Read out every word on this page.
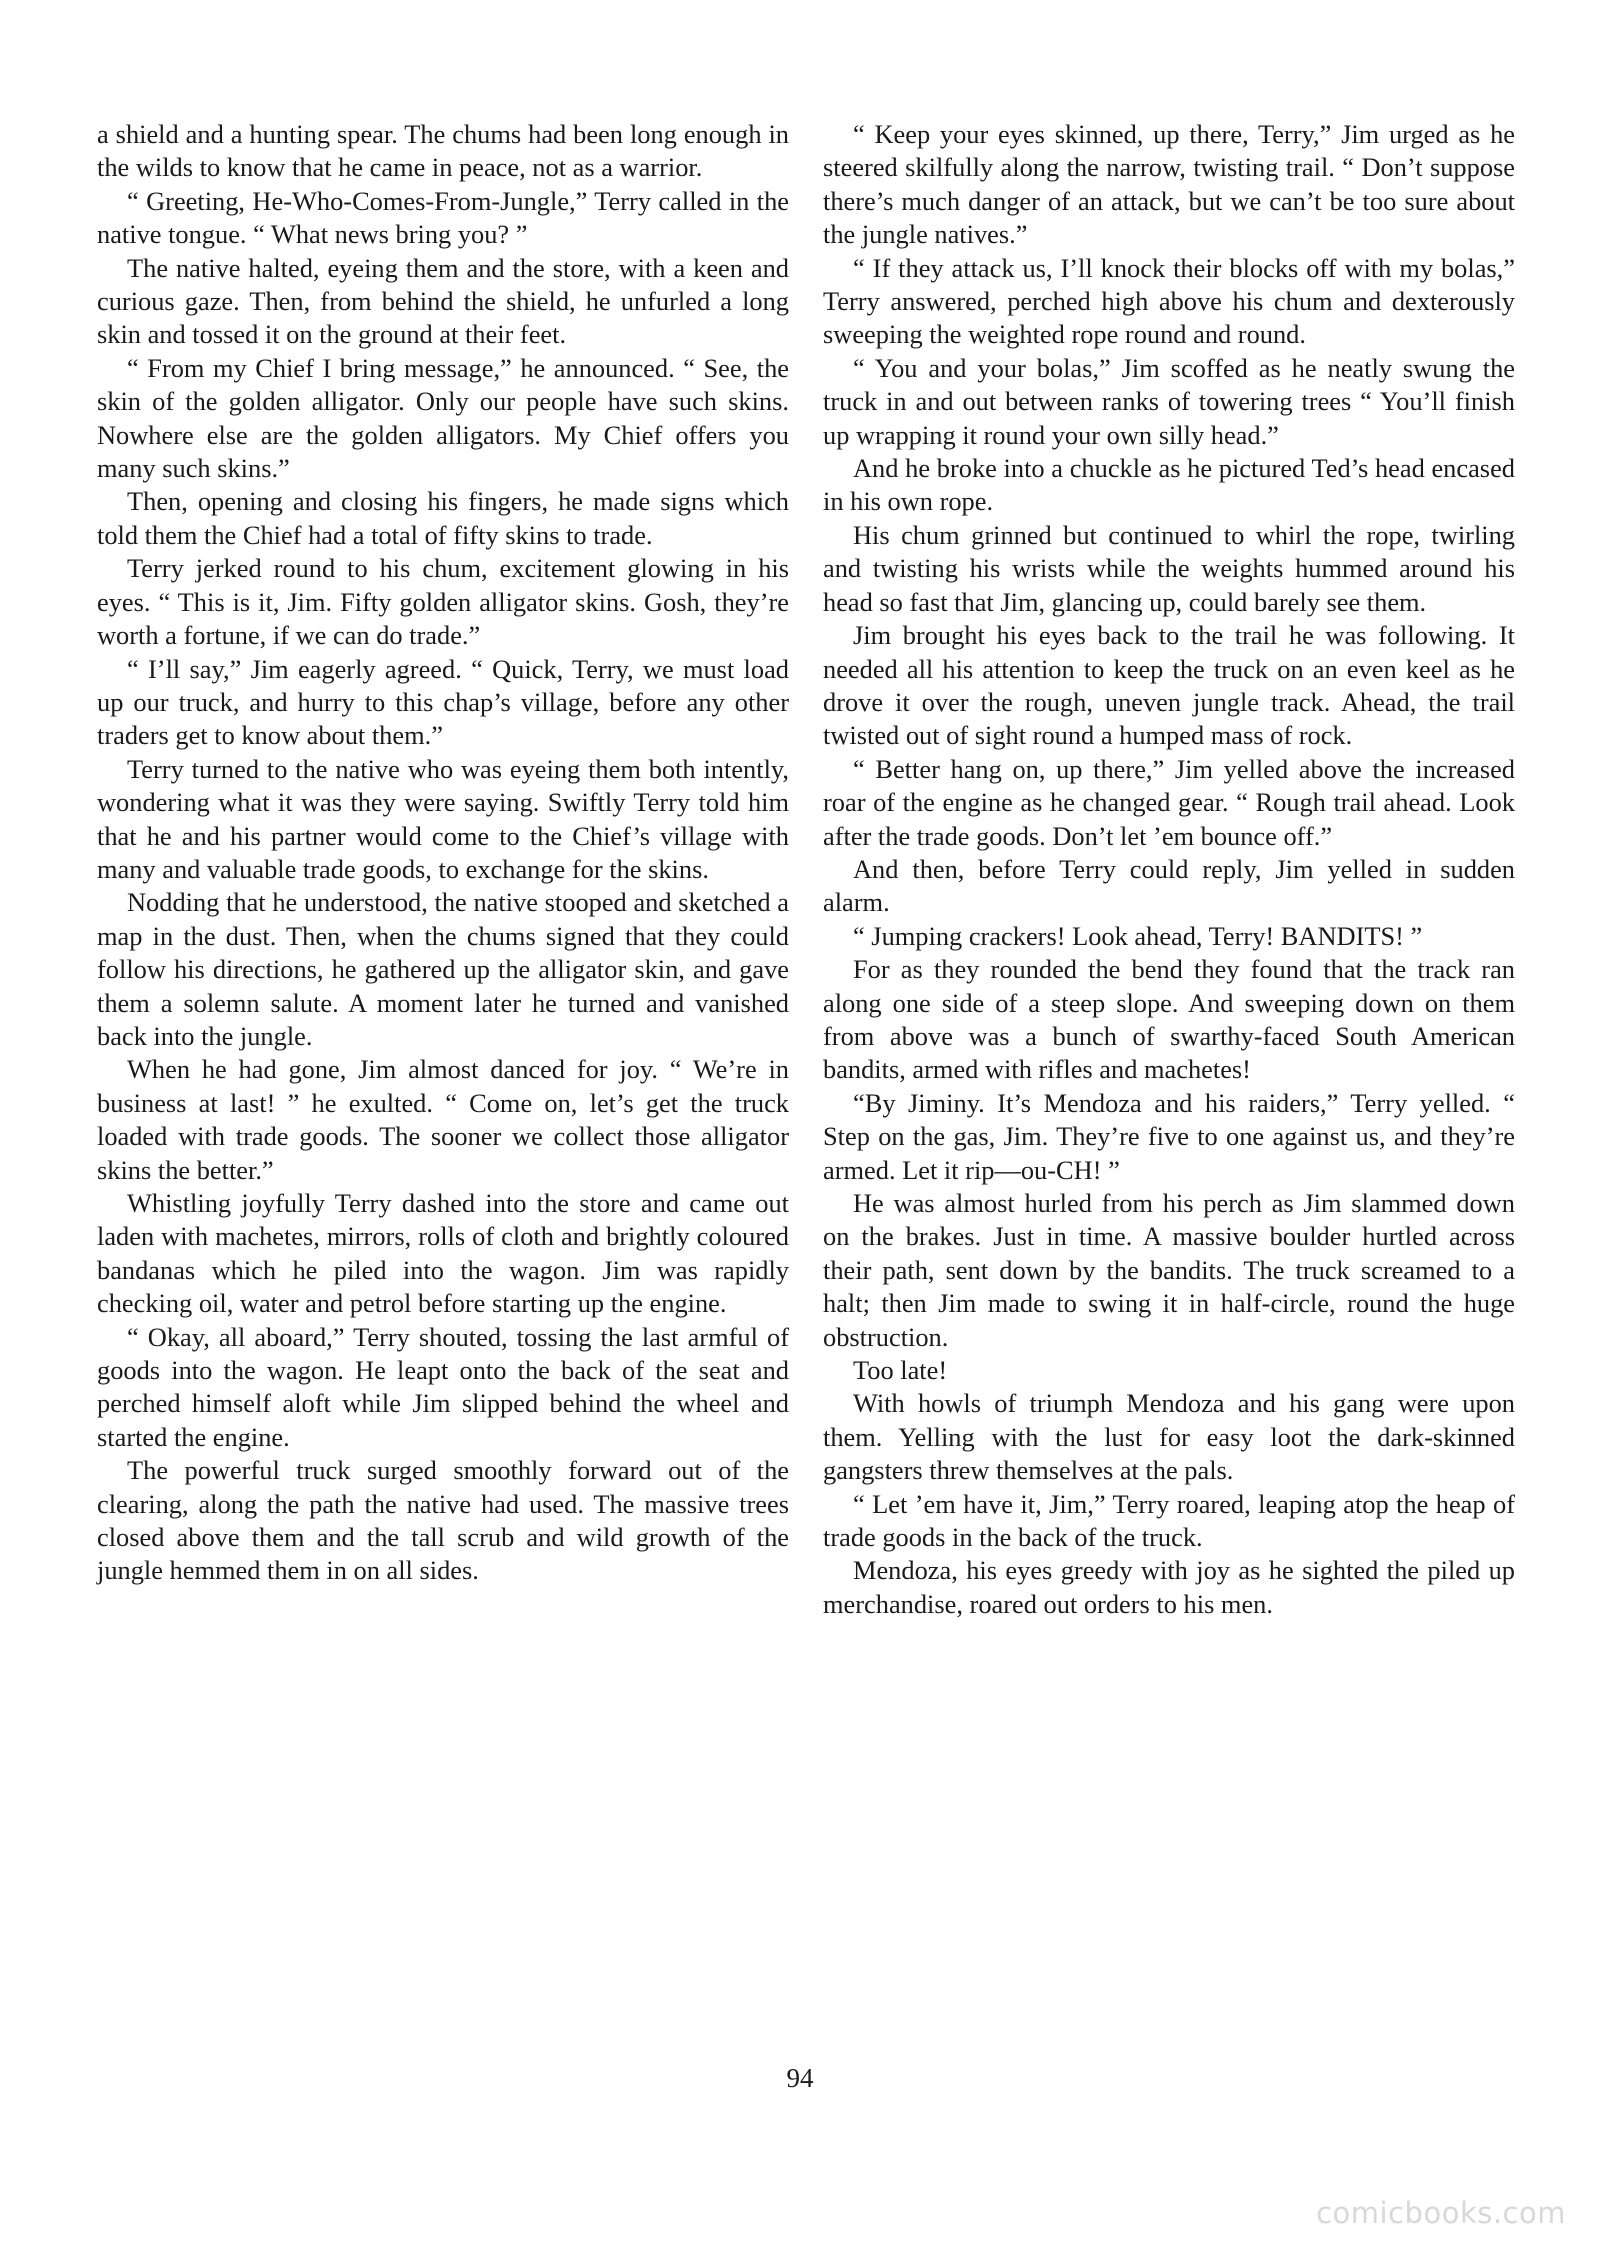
a shield and a hunting spear. The chums had been long enough in the wilds to know that he came in peace, not as a warrior.

“ Greeting, He-Who-Comes-From-Jungle,” Terry called in the native tongue. “ What news bring you? ”

The native halted, eyeing them and the store, with a keen and curious gaze. Then, from behind the shield, he unfurled a long skin and tossed it on the ground at their feet.

“ From my Chief I bring message,” he announced. “ See, the skin of the golden alligator. Only our people have such skins. Nowhere else are the golden alligators. My Chief offers you many such skins.”

Then, opening and closing his fingers, he made signs which told them the Chief had a total of fifty skins to trade.

Terry jerked round to his chum, excitement glowing in his eyes. “ This is it, Jim. Fifty golden alligator skins. Gosh, they’re worth a fortune, if we can do trade.”

“ I’ll say,” Jim eagerly agreed. “ Quick, Terry, we must load up our truck, and hurry to this chap’s village, before any other traders get to know about them.”

Terry turned to the native who was eyeing them both intently, wondering what it was they were saying. Swiftly Terry told him that he and his partner would come to the Chief’s village with many and valuable trade goods, to exchange for the skins.

Nodding that he understood, the native stooped and sketched a map in the dust. Then, when the chums signed that they could follow his directions, he gathered up the alligator skin, and gave them a solemn salute. A moment later he turned and vanished back into the jungle.

When he had gone, Jim almost danced for joy. “ We’re in business at last! ” he exulted. “ Come on, let’s get the truck loaded with trade goods. The sooner we collect those alligator skins the better.”

Whistling joyfully Terry dashed into the store and came out laden with machetes, mirrors, rolls of cloth and brightly coloured bandanas which he piled into the wagon. Jim was rapidly checking oil, water and petrol before starting up the engine.

“ Okay, all aboard,” Terry shouted, tossing the last armful of goods into the wagon. He leapt onto the back of the seat and perched himself aloft while Jim slipped behind the wheel and started the engine.

The powerful truck surged smoothly forward out of the clearing, along the path the native had used. The massive trees closed above them and the tall scrub and wild growth of the jungle hemmed them in on all sides.

“ Keep your eyes skinned, up there, Terry,” Jim urged as he steered skilfully along the narrow, twisting trail. “ Don’t suppose there’s much danger of an attack, but we can’t be too sure about the jungle natives.”

“ If they attack us, I’ll knock their blocks off with my bolas,” Terry answered, perched high above his chum and dexterously sweeping the weighted rope round and round.

“ You and your bolas,” Jim scoffed as he neatly swung the truck in and out between ranks of towering trees “ You’ll finish up wrapping it round your own silly head.”

And he broke into a chuckle as he pictured Ted’s head encased in his own rope.

His chum grinned but continued to whirl the rope, twirling and twisting his wrists while the weights hummed around his head so fast that Jim, glancing up, could barely see them.

Jim brought his eyes back to the trail he was following. It needed all his attention to keep the truck on an even keel as he drove it over the rough, uneven jungle track. Ahead, the trail twisted out of sight round a humped mass of rock.

“ Better hang on, up there,” Jim yelled above the increased roar of the engine as he changed gear. “ Rough trail ahead. Look after the trade goods. Don’t let ’em bounce off.”

And then, before Terry could reply, Jim yelled in sudden alarm.

“ Jumping crackers! Look ahead, Terry! BANDITS! ”

For as they rounded the bend they found that the track ran along one side of a steep slope. And sweeping down on them from above was a bunch of swarthy-faced South American bandits, armed with rifles and machetes!

“By Jiminy. It’s Mendoza and his raiders,” Terry yelled. “ Step on the gas, Jim. They’re five to one against us, and they’re armed. Let it rip—ou-CH! ”

He was almost hurled from his perch as Jim slammed down on the brakes. Just in time. A massive boulder hurtled across their path, sent down by the bandits. The truck screamed to a halt; then Jim made to swing it in half-circle, round the huge obstruction.

Too late!

With howls of triumph Mendoza and his gang were upon them. Yelling with the lust for easy loot the dark-skinned gangsters threw themselves at the pals.

“ Let ’em have it, Jim,” Terry roared, leaping atop the heap of trade goods in the back of the truck.

Mendoza, his eyes greedy with joy as he sighted the piled up merchandise, roared out orders to his men.

94
comicbooks.com
